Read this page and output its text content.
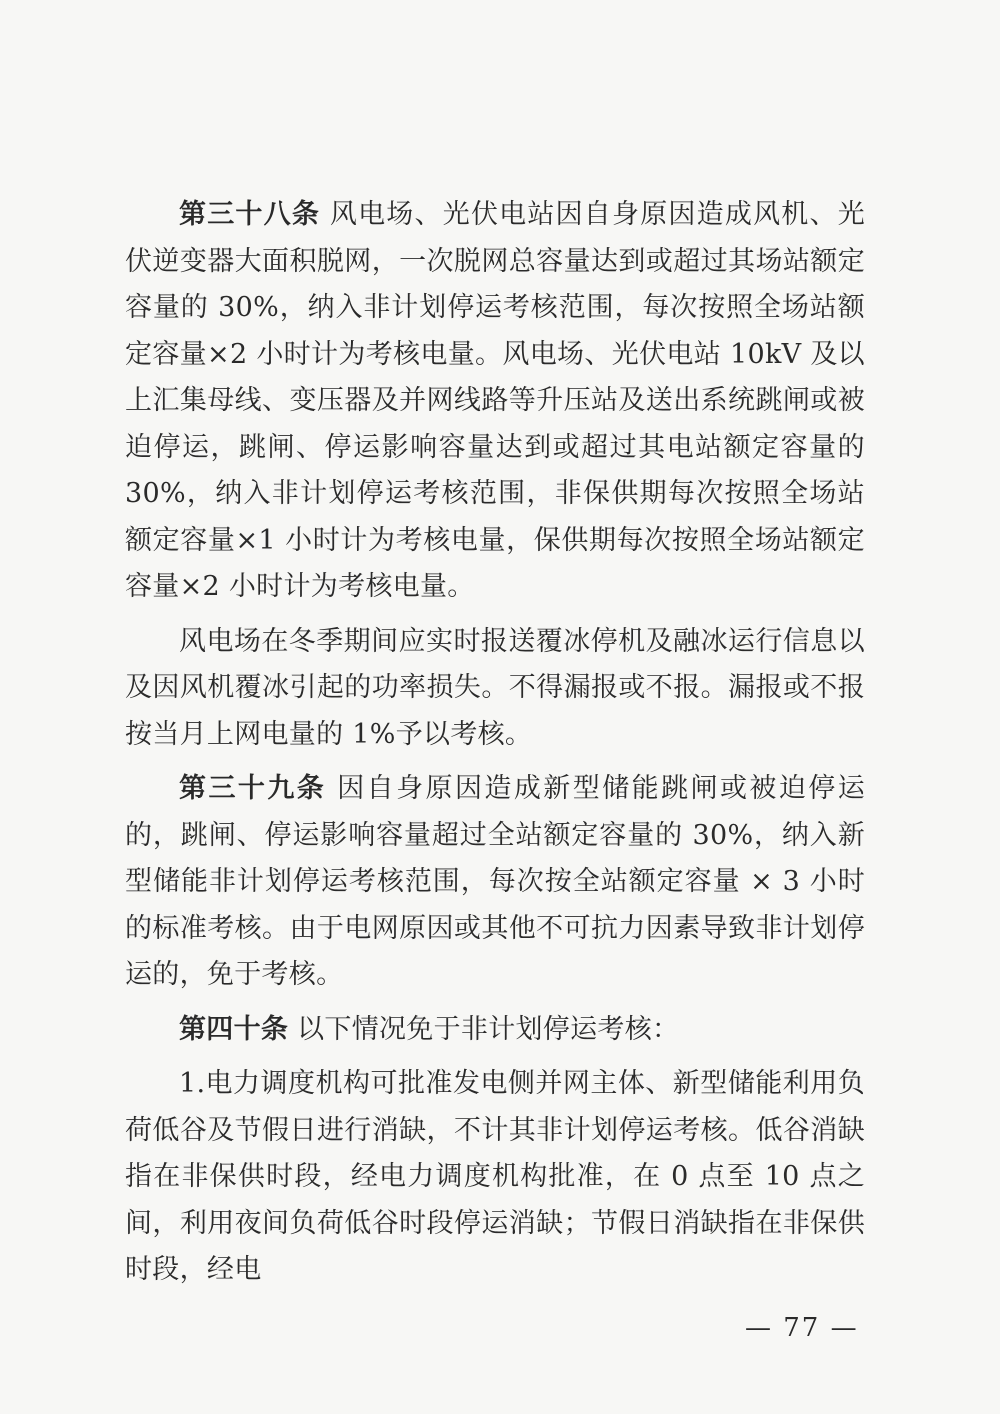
第三十八条 风电场、光伏电站因自身原因造成风机、光伏逆变器大面积脱网，一次脱网总容量达到或超过其场站额定容量的 30%，纳入非计划停运考核范围，每次按照全场站额定容量×2 小时计为考核电量。风电场、光伏电站 10kV 及以上汇集母线、变压器及并网线路等升压站及送出系统跳闸或被迫停运，跳闸、停运影响容量达到或超过其电站额定容量的 30%，纳入非计划停运考核范围，非保供期每次按照全场站额定容量×1 小时计为考核电量，保供期每次按照全场站额定容量×2 小时计为考核电量。

风电场在冬季期间应实时报送覆冰停机及融冰运行信息以及因风机覆冰引起的功率损失。不得漏报或不报。漏报或不报按当月上网电量的 1%予以考核。

第三十九条 因自身原因造成新型储能跳闸或被迫停运的，跳闸、停运影响容量超过全站额定容量的 30%，纳入新型储能非计划停运考核范围，每次按全站额定容量 × 3 小时的标准考核。由于电网原因或其他不可抗力因素导致非计划停运的，免于考核。

第四十条 以下情况免于非计划停运考核：

1.电力调度机构可批准发电侧并网主体、新型储能利用负荷低谷及节假日进行消缺，不计其非计划停运考核。低谷消缺指在非保供时段，经电力调度机构批准，在 0 点至 10 点之间，利用夜间负荷低谷时段停运消缺；节假日消缺指在非保供时段，经电

— 77 —
